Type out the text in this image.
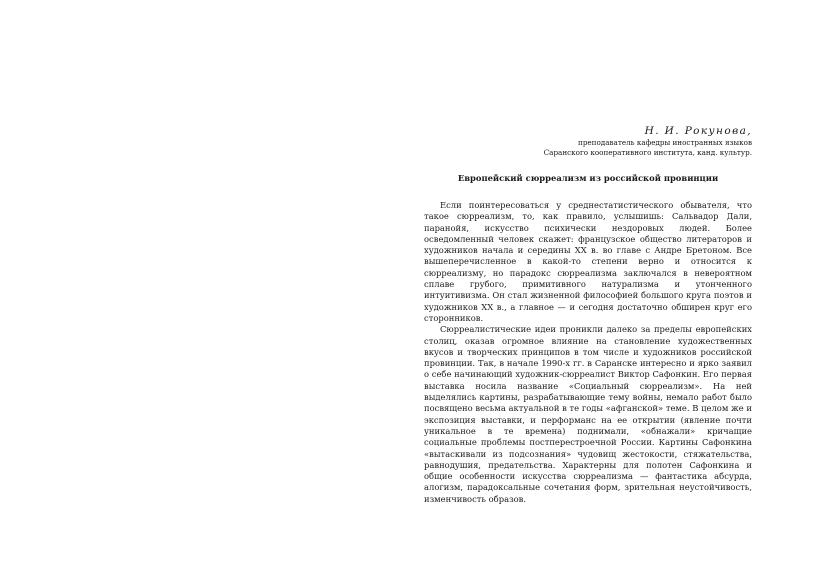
Н. И. Рокунова,
преподаватель кафедры иностранных языков
Саранского кооперативного института, канд. культур.
Европейский сюрреализм из российской провинции

Если поинтересоваться у среднестатистического обывателя, что такое сюрреализм, то, как правило, услышишь: Сальвадор Дали, паранойя, искусство психически нездоровых людей. Более осведомленный человек скажет: французское общество литераторов и художников начала и середины XX в. во главе с Андре Бретоном. Все вышеперечисленное в какой-то степени верно и относится к сюрреализму, но парадокс сюрреализма заключался в невероятном сплаве грубого, примитивного натурализма и утонченного интуитивизма. Он стал жизненной философией большого круга поэтов и художников XX в., а главное — и сегодня достаточно обширен круг его сторонников.

Сюрреалистические идеи проникли далеко за пределы европейских столиц, оказав огромное влияние на становление художественных вкусов и творческих принципов в том числе и художников российской провинции. Так, в начале 1990-х гг. в Саранске интересно и ярко заявил о себе начинающий художник-сюрреалист Виктор Сафонкин. Его первая выставка носила название «Социальный сюрреализм». На ней выделялись картины, разрабатывающие тему войны, немало работ было посвящено весьма актуальной в те годы «афганской» теме. В целом же и экспозиция выставки, и перформанс на ее открытии (явление почти уникальное в те времена) поднимали, «обнажали» кричащие социальные проблемы постперестроечной России. Картины Сафонкина «вытаскивали из подсознания» чудовищ жестокости, стяжательства, равнодушия, предательства. Характерны для полотен Сафонкина и общие особенности искусства сюрреализма — фантастика абсурда, алогизм, парадоксальные сочетания форм, зрительная неустойчивость, изменчивость образов.
